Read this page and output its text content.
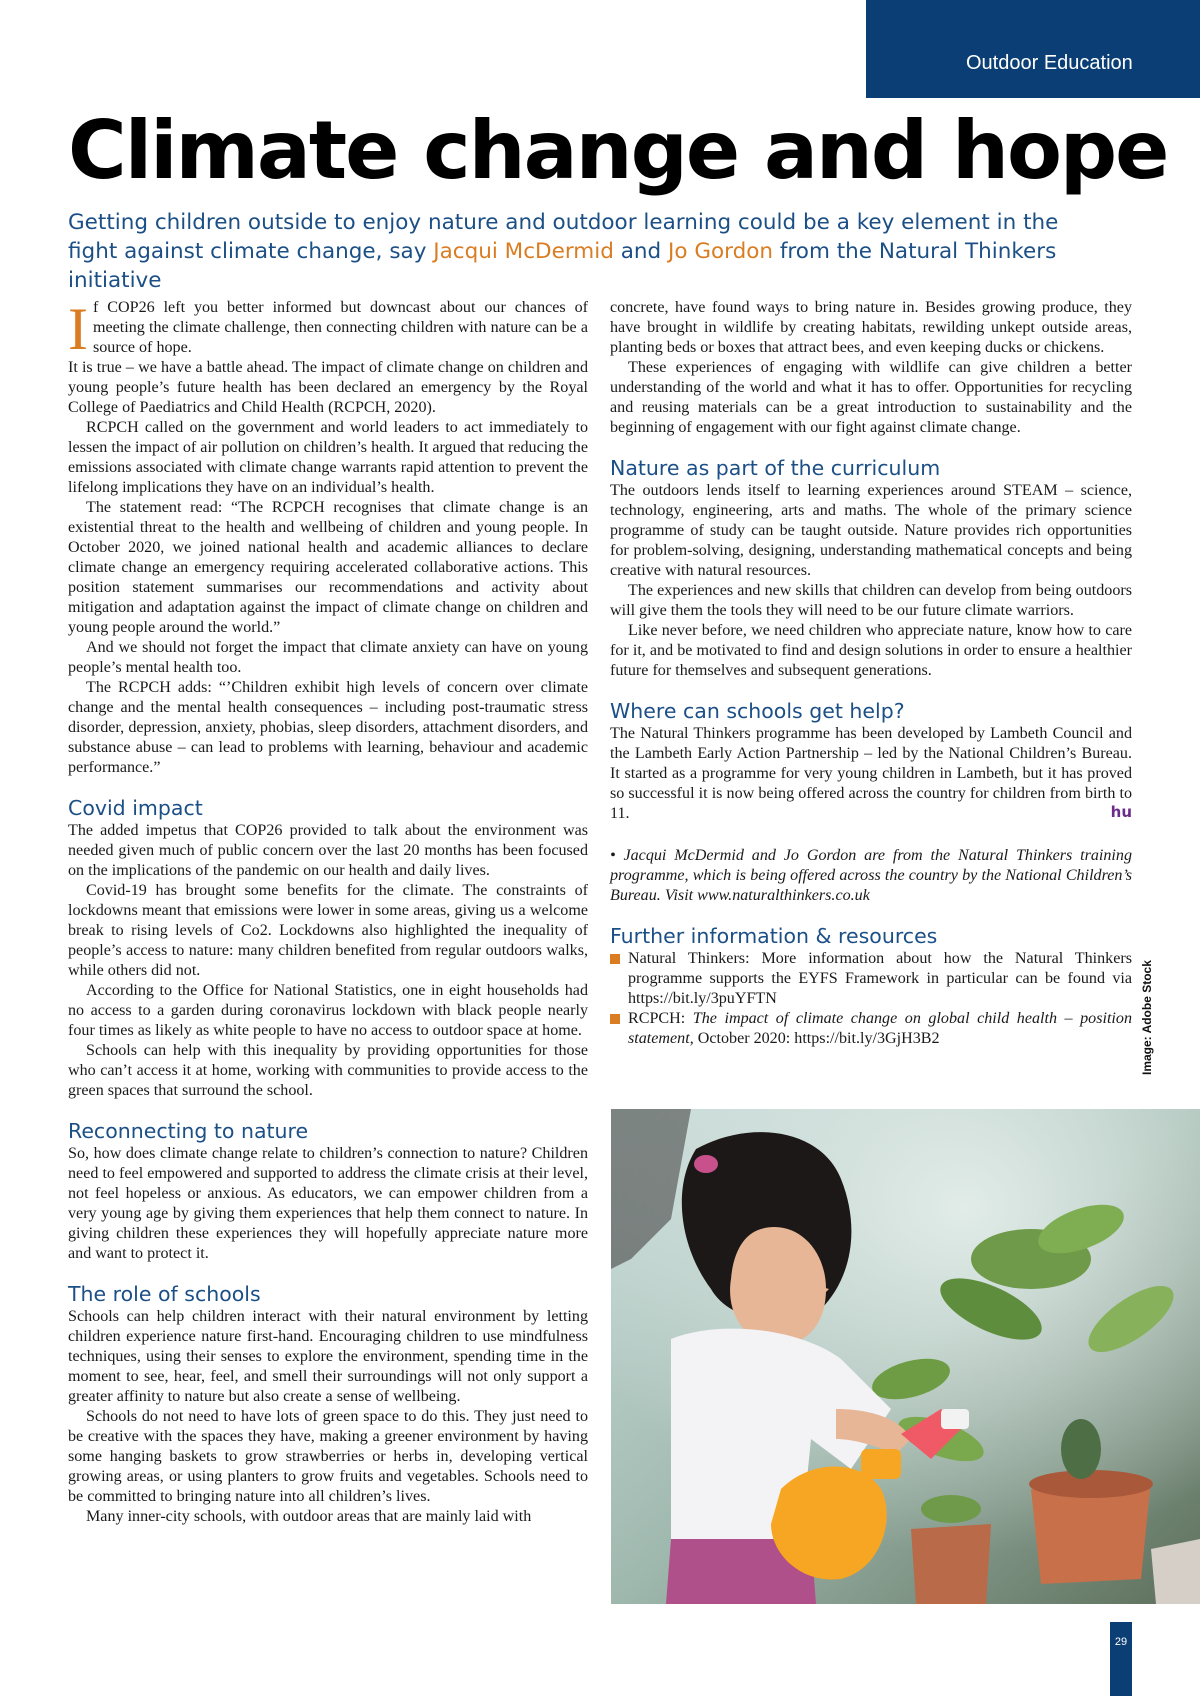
Outdoor Education
Climate change and hope

Getting children outside to enjoy nature and outdoor learning could be a key element in the fight against climate change, say Jacqui McDermid and Jo Gordon from the Natural Thinkers initiative

If COP26 left you better informed but downcast about our chances of meeting the climate challenge, then connecting children with nature can be a source of hope.

It is true – we have a battle ahead. The impact of climate change on children and young people’s future health has been declared an emergency by the Royal College of Paediatrics and Child Health (RCPCH, 2020).

RCPCH called on the government and world leaders to act immediately to lessen the impact of air pollution on children’s health. It argued that reducing the emissions associated with climate change warrants rapid attention to prevent the lifelong implications they have on an individual’s health.

The statement read: “The RCPCH recognises that climate change is an existential threat to the health and wellbeing of children and young people. In October 2020, we joined national health and academic alliances to declare climate change an emergency requiring accelerated collaborative actions. This position statement summarises our recommendations and activity about mitigation and adaptation against the impact of climate change on children and young people around the world.”

And we should not forget the impact that climate anxiety can have on young people’s mental health too.

The RCPCH adds: “’Children exhibit high levels of concern over climate change and the mental health consequences – including post-traumatic stress disorder, depression, anxiety, phobias, sleep disorders, attachment disorders, and substance abuse – can lead to problems with learning, behaviour and academic performance.”

Covid impact

The added impetus that COP26 provided to talk about the environment was needed given much of public concern over the last 20 months has been focused on the implications of the pandemic on our health and daily lives.

Covid-19 has brought some benefits for the climate. The constraints of lockdowns meant that emissions were lower in some areas, giving us a welcome break to rising levels of Co2. Lockdowns also highlighted the inequality of people’s access to nature: many children benefited from regular outdoors walks, while others did not.

According to the Office for National Statistics, one in eight households had no access to a garden during coronavirus lockdown with black people nearly four times as likely as white people to have no access to outdoor space at home.

Schools can help with this inequality by providing opportunities for those who can’t access it at home, working with communities to provide access to the green spaces that surround the school.

Reconnecting to nature

So, how does climate change relate to children’s connection to nature? Children need to feel empowered and supported to address the climate crisis at their level, not feel hopeless or anxious. As educators, we can empower children from a very young age by giving them experiences that help them connect to nature. In giving children these experiences they will hopefully appreciate nature more and want to protect it.

The role of schools

Schools can help children interact with their natural environment by letting children experience nature first-hand. Encouraging children to use mindfulness techniques, using their senses to explore the environment, spending time in the moment to see, hear, feel, and smell their surroundings will not only support a greater affinity to nature but also create a sense of wellbeing.

Schools do not need to have lots of green space to do this. They just need to be creative with the spaces they have, making a greener environment by having some hanging baskets to grow strawberries or herbs in, developing vertical growing areas, or using planters to grow fruits and vegetables. Schools need to be committed to bringing nature into all children’s lives.

Many inner-city schools, with outdoor areas that are mainly laid with

concrete, have found ways to bring nature in. Besides growing produce, they have brought in wildlife by creating habitats, rewilding unkept outside areas, planting beds or boxes that attract bees, and even keeping ducks or chickens.

These experiences of engaging with wildlife can give children a better understanding of the world and what it has to offer. Opportunities for recycling and reusing materials can be a great introduction to sustainability and the beginning of engagement with our fight against climate change.

Nature as part of the curriculum

The outdoors lends itself to learning experiences around STEAM – science, technology, engineering, arts and maths. The whole of the primary science programme of study can be taught outside. Nature provides rich opportunities for problem-solving, designing, understanding mathematical concepts and being creative with natural resources.

The experiences and new skills that children can develop from being outdoors will give them the tools they will need to be our future climate warriors.

Like never before, we need children who appreciate nature, know how to care for it, and be motivated to find and design solutions in order to ensure a healthier future for themselves and subsequent generations.

Where can schools get help?

The Natural Thinkers programme has been developed by Lambeth Council and the Lambeth Early Action Partnership – led by the National Children’s Bureau. It started as a programme for very young children in Lambeth, but it has proved so successful it is now being offered across the country for children from birth to 11.	hu

• Jacqui McDermid and Jo Gordon are from the Natural Thinkers training programme, which is being offered across the country by the National Children’s Bureau. Visit www.naturalthinkers.co.uk

Further information & resources
Natural Thinkers: More information about how the Natural Thinkers programme supports the EYFS Framework in particular can be found via https://bit.ly/3puYFTN
RCPCH: The impact of climate change on global child health – position statement, October 2020: https://bit.ly/3GjH3B2	Image: Adobe Stock
29
